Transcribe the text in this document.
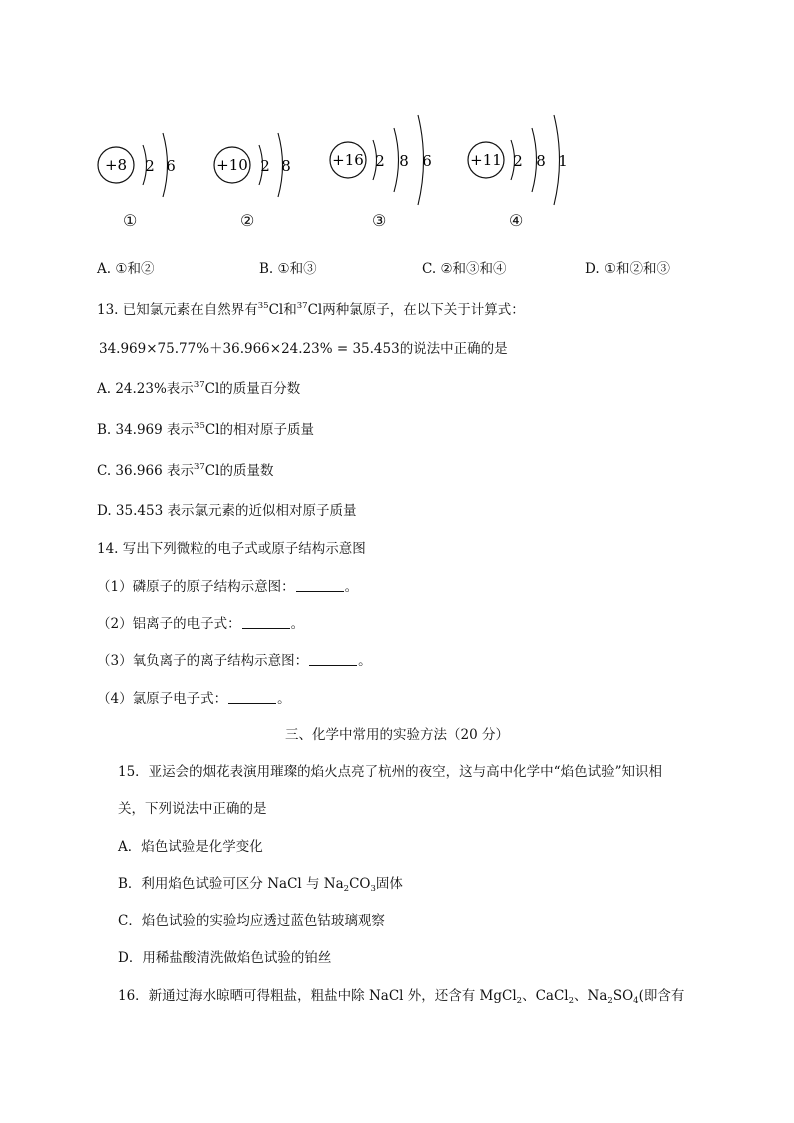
+8 2 6
①
+10 2 8
②
+16 2 8 6
③
+11 2 8 1
④
A. ①和②	B. ①和③	C. ②和③和④	D. ①和②和③
13. 已知氯元素在自然界有$^{35}$Cl和$^{37}$Cl两种氯原子，在以下关于计算式：
34.969×75.77%＋36.966×24.23% = 35.453的说法中正确的是
A. 24.23%表示$^{37}$Cl的质量百分数
B. 34.969 表示$^{35}$Cl的相对原子质量
C. 36.966 表示$^{37}$Cl的质量数
D. 35.453 表示氯元素的近似相对原子质量
14. 写出下列微粒的电子式或原子结构示意图
（1）磷原子的原子结构示意图：	。
（2）铝离子的电子式：	。
（3）氧负离子的离子结构示意图：	。
（4）氯原子电子式：	。
三、化学中常用的实验方法（20 分）
15．亚运会的烟花表演用璀璨的焰火点亮了杭州的夜空，这与高中化学中“焰色试验”知识相
关，下列说法中正确的是
A．焰色试验是化学变化
B．利用焰色试验可区分 NaCl 与 $Na_2CO_3$固体
C．焰色试验的实验均应透过蓝色钴玻璃观察
D．用稀盐酸清洗做焰色试验的铂丝
16．新通过海水晾晒可得粗盐，粗盐中除 NaCl 外，还含有 MgCl$_2$、CaCl$_2$、$Na_2SO_4$(即含有
